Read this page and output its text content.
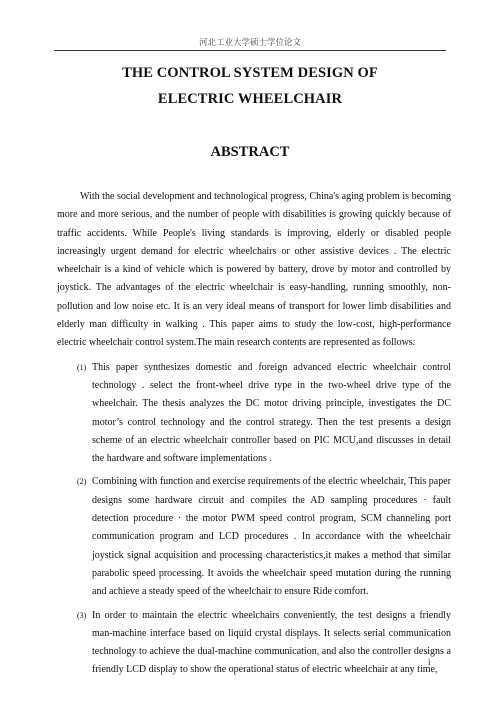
河北工业大学硕士学位论文
THE CONTROL SYSTEM DESIGN OF
ELECTRIC WHEELCHAIR
ABSTRACT

With the social development and technological progress, China's aging problem is becoming more and more serious, and the number of people with disabilities is growing quickly because of traffic accidents. While People's living standards is improving, elderly or disabled people increasingly urgent demand for electric wheelchairs or other assistive devices . The electric wheelchair is a kind of vehicle which is powered by battery, drove by motor and controlled by joystick. The advantages of the electric wheelchair is easy-handling, running smoothly, non-pollution and low noise etc. It is an very ideal means of transport for lower limb disabilities and elderly man difficulty in walking . This paper aims to study the low-cost, high-performance electric wheelchair control system.The main research contents are represented as follows:

(1) This paper synthesizes domestic and foreign advanced electric wheelchair control technology . select the front-wheel drive type in the two-wheel drive type of the wheelchair. The thesis analyzes the DC motor driving principle, investigates the DC motor’s control technology and the control strategy. Then the test presents a design scheme of an electric wheelchair controller based on PIC MCU,and discusses in detail the hardware and software implementations .
(2) Combining with function and exercise requirements of the electric wheelchair, This paper designs some hardware circuit and compiles the AD sampling procedures · fault detection procedure · the motor PWM speed control program, SCM channeling port communication program and LCD procedures . In accordance with the wheelchair joystick signal acquisition and processing characteristics,it makes a method that similar parabolic speed processing. It avoids the wheelchair speed mutation during the running and achieve a steady speed of the wheelchair to ensure Ride comfort.
(3) In order to maintain the electric wheelchairs conveniently, the test designs a friendly man-machine interface based on liquid crystal displays. It selects serial communication technology to achieve the dual-machine communication, and also the controller designs a friendly LCD display to show the operational status of electric wheelchair at any time,
i
